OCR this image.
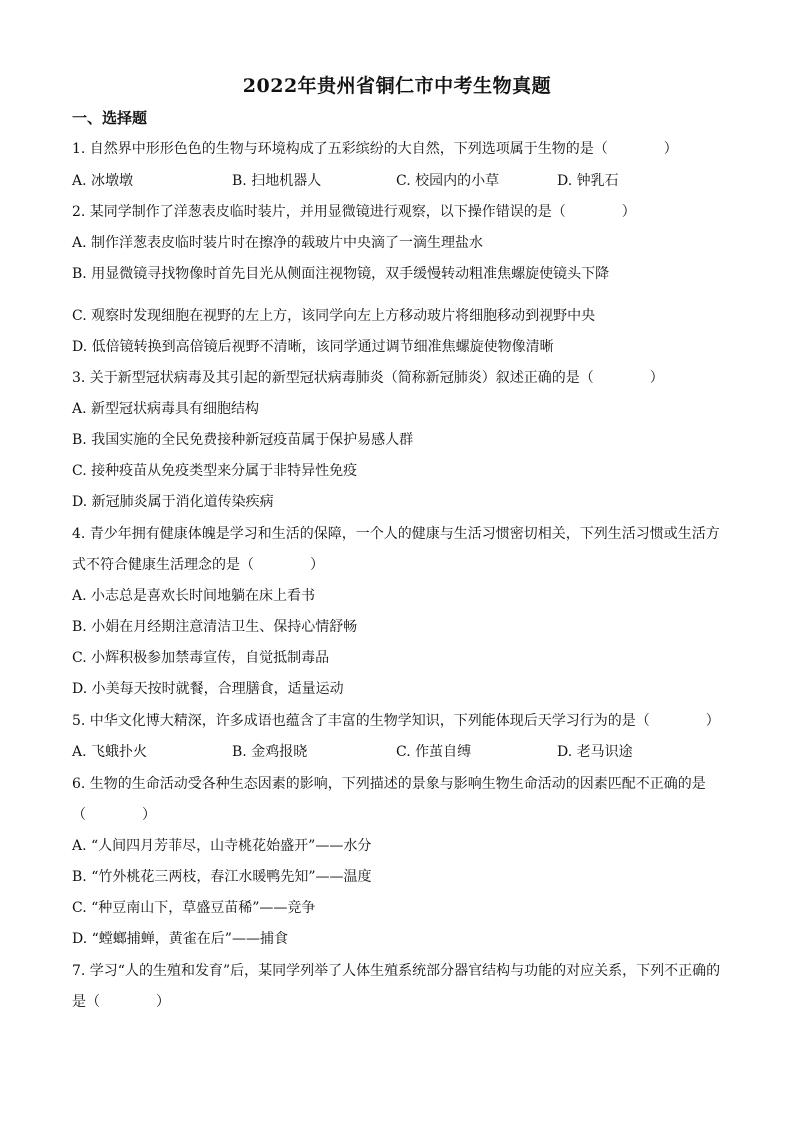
2022年贵州省铜仁市中考生物真题
一、选择题
1. 自然界中形形色色的生物与环境构成了五彩缤纷的大自然，下列选项属于生物的是（　　　　）
A. 冰墩墩	B. 扫地机器人	C. 校园内的小草	D. 钟乳石
2. 某同学制作了洋葱表皮临时装片，并用显微镜进行观察，以下操作错误的是（　　　　）
A. 制作洋葱表皮临时装片时在擦净的载玻片中央滴了一滴生理盐水
B. 用显微镜寻找物像时首先目光从侧面注视物镜，双手缓慢转动粗准焦螺旋使镜头下降
C. 观察时发现细胞在视野的左上方，该同学向左上方移动玻片将细胞移动到视野中央
D. 低倍镜转换到高倍镜后视野不清晰，该同学通过调节细准焦螺旋使物像清晰
3. 关于新型冠状病毒及其引起的新型冠状病毒肺炎（简称新冠肺炎）叙述正确的是（　　　　）
A. 新型冠状病毒具有细胞结构
B. 我国实施的全民免费接种新冠疫苗属于保护易感人群
C. 接种疫苗从免疫类型来分属于非特异性免疫
D. 新冠肺炎属于消化道传染疾病
4. 青少年拥有健康体魄是学习和生活的保障，一个人的健康与生活习惯密切相关，下列生活习惯或生活方
式不符合健康生活理念的是（　　　　）
A. 小志总是喜欢长时间地躺在床上看书
B. 小娟在月经期注意清洁卫生、保持心情舒畅
C. 小辉积极参加禁毒宣传，自觉抵制毒品
D. 小美每天按时就餐，合理膳食，适量运动
5. 中华文化博大精深，许多成语也蕴含了丰富的生物学知识，下列能体现后天学习行为的是（　　　　）
A. 飞蛾扑火	B. 金鸡报晓	C. 作茧自缚	D. 老马识途
6. 生物的生命活动受各种生态因素的影响，下列描述的景象与影响生物生命活动的因素匹配不正确的是
（　　　　）
A. “人间四月芳菲尽，山寺桃花始盛开”——水分
B. “竹外桃花三两枝，春江水暖鸭先知”——温度
C. “种豆南山下，草盛豆苗稀”——竞争
D. “螳螂捕蝉，黄雀在后”——捕食
7. 学习“人的生殖和发育”后，某同学列举了人体生殖系统部分器官结构与功能的对应关系，下列不正确的
是（　　　　）
